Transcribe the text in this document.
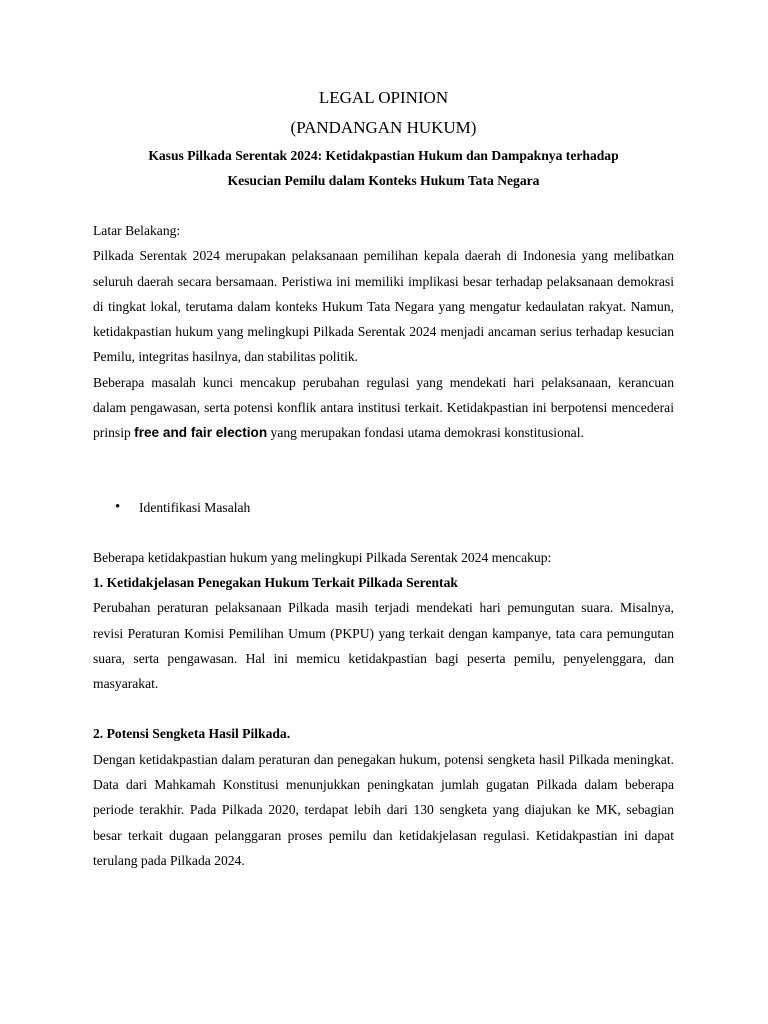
LEGAL OPINION
(PANDANGAN HUKUM)
Kasus Pilkada Serentak 2024: Ketidakpastian Hukum dan Dampaknya terhadap
Kesucian Pemilu dalam Konteks Hukum Tata Negara

Latar Belakang:

Pilkada Serentak 2024 merupakan pelaksanaan pemilihan kepala daerah di Indonesia yang melibatkan seluruh daerah secara bersamaan. Peristiwa ini memiliki implikasi besar terhadap pelaksanaan demokrasi di tingkat lokal, terutama dalam konteks Hukum Tata Negara yang mengatur kedaulatan rakyat. Namun, ketidakpastian hukum yang melingkupi Pilkada Serentak 2024 menjadi ancaman serius terhadap kesucian Pemilu, integritas hasilnya, dan stabilitas politik.

Beberapa masalah kunci mencakup perubahan regulasi yang mendekati hari pelaksanaan, kerancuan dalam pengawasan, serta potensi konflik antara institusi terkait. Ketidakpastian ini berpotensi mencederai prinsip free and fair election yang merupakan fondasi utama demokrasi konstitusional.

• Identifikasi Masalah

Beberapa ketidakpastian hukum yang melingkupi Pilkada Serentak 2024 mencakup:

1. Ketidakjelasan Penegakan Hukum Terkait Pilkada Serentak

Perubahan peraturan pelaksanaan Pilkada masih terjadi mendekati hari pemungutan suara. Misalnya, revisi Peraturan Komisi Pemilihan Umum (PKPU) yang terkait dengan kampanye, tata cara pemungutan suara, serta pengawasan. Hal ini memicu ketidakpastian bagi peserta pemilu, penyelenggara, dan masyarakat.

2. Potensi Sengketa Hasil Pilkada.

Dengan ketidakpastian dalam peraturan dan penegakan hukum, potensi sengketa hasil Pilkada meningkat. Data dari Mahkamah Konstitusi menunjukkan peningkatan jumlah gugatan Pilkada dalam beberapa periode terakhir. Pada Pilkada 2020, terdapat lebih dari 130 sengketa yang diajukan ke MK, sebagian besar terkait dugaan pelanggaran proses pemilu dan ketidakjelasan regulasi. Ketidakpastian ini dapat terulang pada Pilkada 2024.
